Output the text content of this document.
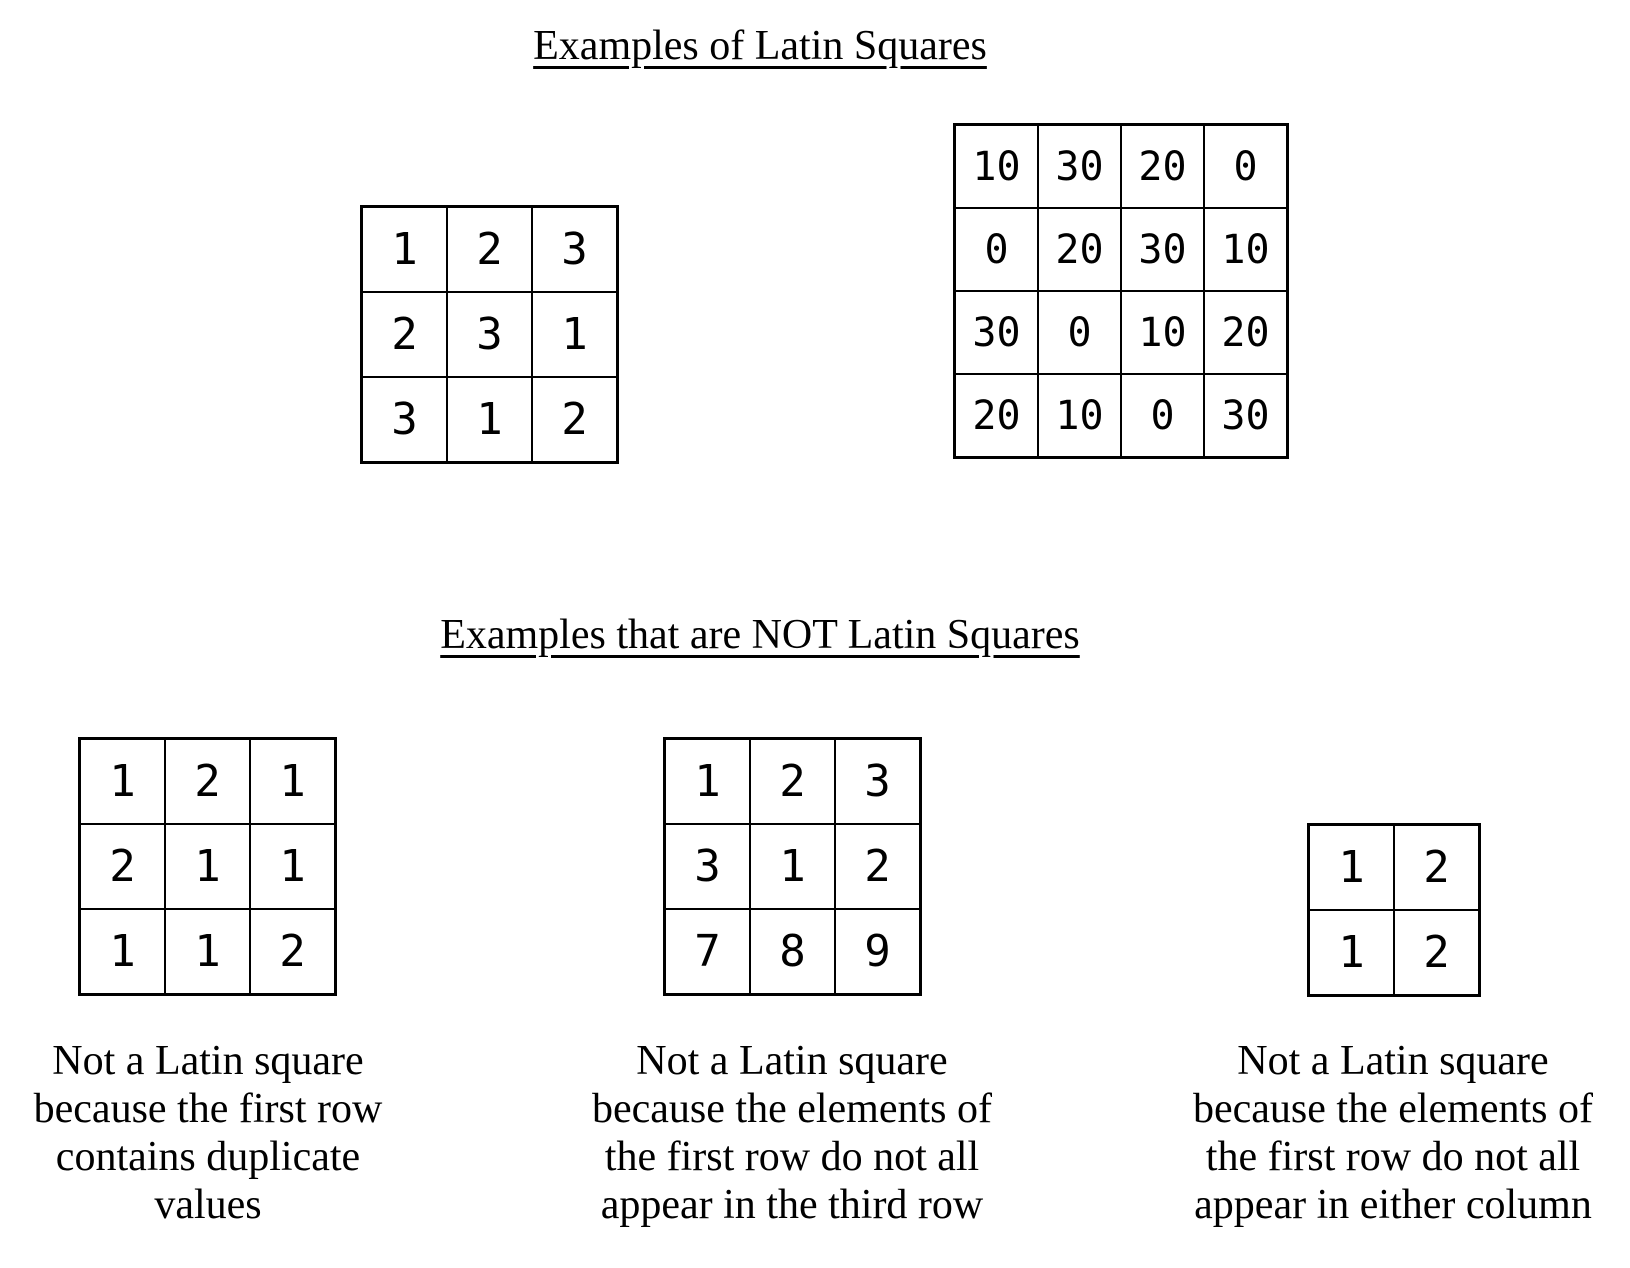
Examples of Latin Squares
1	2	3
2	3	1
3	1	2
10	30	20	0
0	20	30	10
30	0	10	20
20	10	0	30
Examples that are NOT Latin Squares
1	2	1
2	1	1
1	1	2
1	2	3
3	1	2
7	8	9
1	2
1	2
Not a Latin square
because the first row
contains duplicate
values
Not a Latin square
because the elements of
the first row do not all
appear in the third row
Not a Latin square
because the elements of
the first row do not all
appear in either column
